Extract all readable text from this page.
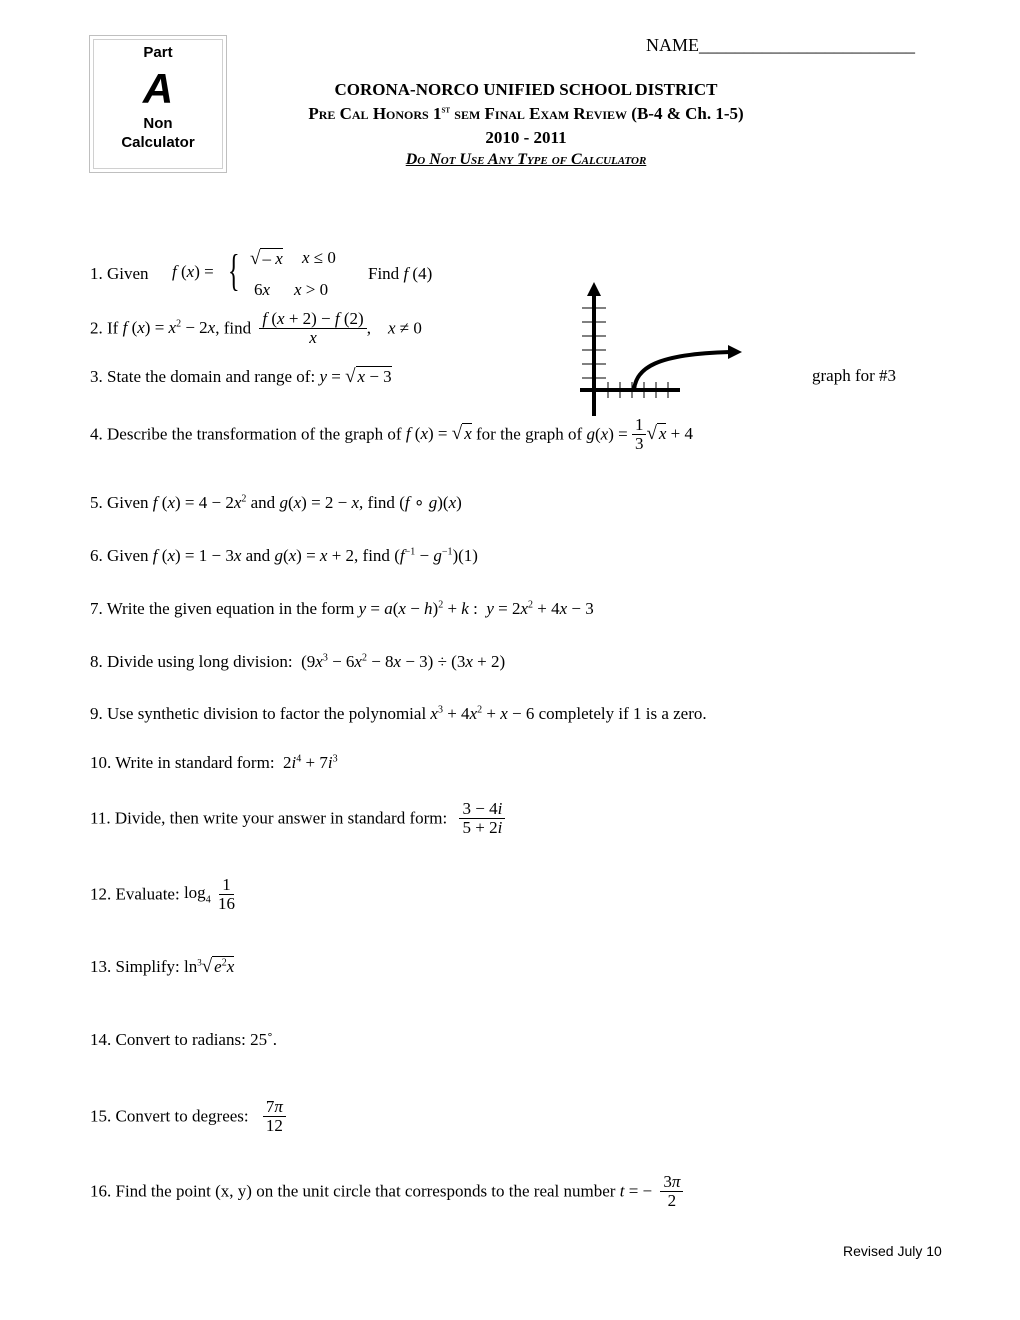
Part
A
Non
Calculator
NAME________________________
CORONA-NORCO UNIFIED SCHOOL DISTRICT
Pre Cal Honors 1st sem Final Exam Review (B-4 & Ch. 1-5)
2010 - 2011
Do Not Use Any Type of Calculator
graph for #3
1. Given f (x) = { √ – x x ≤ 0
6x x > 0
Find f (4)
2. If f $(x) = x^2 - 2x$, find $\frac{f (x + 2) - f (2)}{x}$ ,    x ≠ 0
3. State the domain and range of: y = √ x − 3
4. Describe the transformation of the graph of f (x) = √ x for the graph of $g(x) = \frac{1}{3}$ √ x + 4
5. Given f $(x) = 4 - 2x^2$ and g(x) = 2 − x, find (f ∘ g)(x)
6. Given f (x) = 1 − 3x and g(x) = x + 2, find $(f^{-1} - g^{-1})(1)$
7. Write the given equation in the form $y = a(x - h)^2 + k$ :  $y = 2x^2 + 4x - 3$
8. Divide using long division:  $(9x^3 - 6x^2 - 8x - 3) \div (3x + 2)$
9. Use synthetic division to factor the polynomial $x^3 + 4x^2 + x - 6$ completely if 1 is a zero.
10. Write in standard form:  $2i^4 + 7i^3$
11. Divide, then write your answer in standard form: $\frac{3 - 4i}{5 + 2i}$
12. Evaluate: $\log_4 \frac{1}{16}$
13. Simplify: $\ln^3√$ $e^2x$
14. Convert to radians: 25˚.
15. Convert to degrees: $\frac{7\pi}{12}$
16. Find the point (x, y) on the unit circle that corresponds to the real number t = − $\frac{3\pi}{2}$
Revised July 10
